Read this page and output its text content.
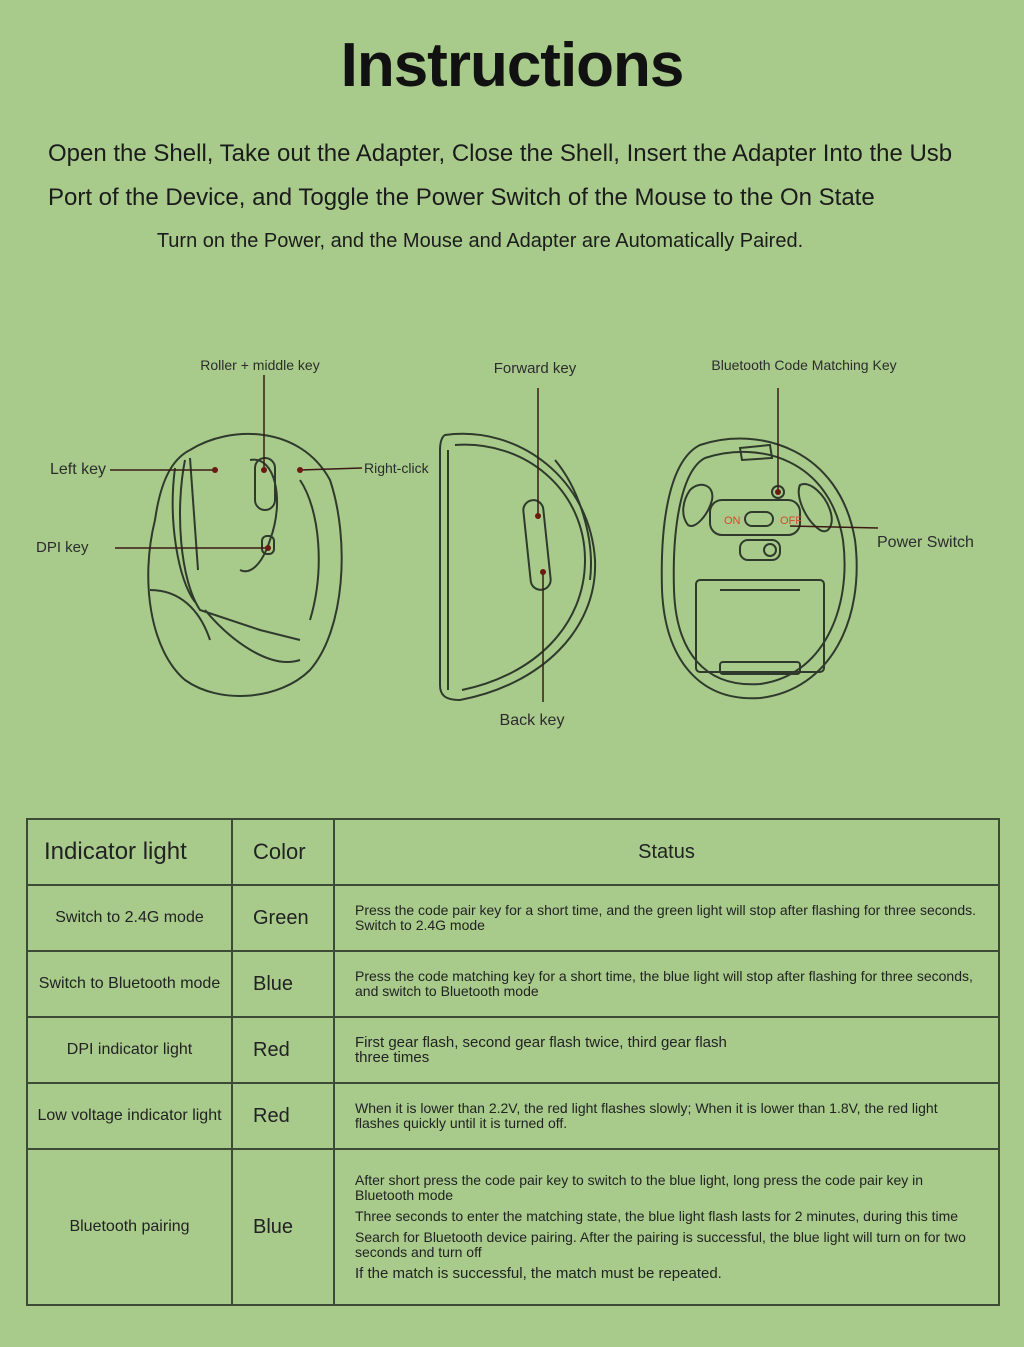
Instructions

Open the Shell, Take out the Adapter, Close the Shell, Insert the Adapter Into the Usb Port of the Device, and Toggle the Power Switch of the Mouse to the On State

Turn on the Power, and the Mouse and Adapter are Automatically Paired.

Roller + middle key
Left key	Right-click
DPI key
Forward key
Back key
Bluetooth Code Matching Key
Power Switch
ON	OFF
Indicator light	Color	Status
Switch to 2.4G mode	Green	Press the code pair key for a short time, and the green light will stop after flashing for three seconds. Switch to 2.4G mode

Switch to Bluetooth mode	Blue	Press the code matching key for a short time, the blue light will stop after flashing for three seconds, and switch to Bluetooth mode

DPI indicator light	Red	First gear flash, second gear flash twice, third gear flash three times

Low voltage indicator light	Red	When it is lower than 2.2V, the red light flashes slowly; When it is lower than 1.8V, the red light flashes quickly until it is turned off.

Bluetooth pairing	Blue	After short press the code pair key to switch to the blue light, long press the code pair key in Bluetooth mode
Three seconds to enter the matching state, the blue light flash lasts for 2 minutes, during this time
Search for Bluetooth device pairing. After the pairing is successful, the blue light will turn on for two seconds and turn off
If the match is successful, the match must be repeated.
